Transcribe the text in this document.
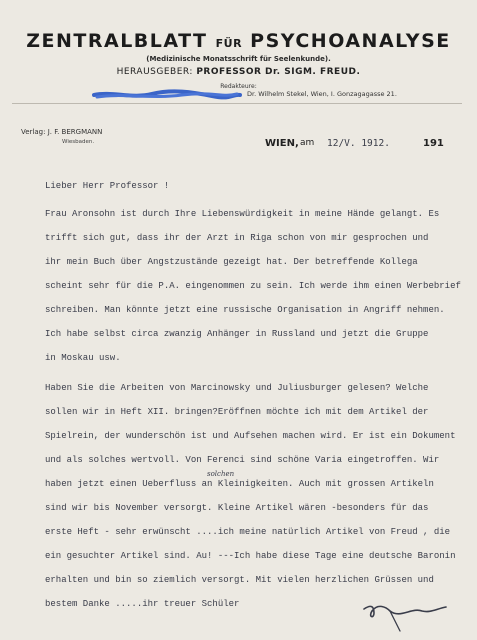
ZENTRALBLATT FÜR PSYCHOANALYSE
(Medizinische Monatsschrift für Seelenkunde).
HERAUSGEBER: PROFESSOR Dr. SIGM. FREUD.
Redakteure:
Dr. Wilhelm Stekel, Wien, I. Gonzagagasse 21.
Verlag: J. F. BERGMANN
Wiesbaden.	WIEN, am 12/V. 1912.	191
Lieber Herr Professor !
Frau Aronsohn ist durch Ihre Liebenswürdigkeit in meine Hände gelangt. Es
trifft sich gut, dass ihr der Arzt in Riga schon von mir gesprochen und
ihr mein Buch über Angstzustände gezeigt hat. Der betreffende Kollega
scheint sehr für die P.A. eingenommen zu sein. Ich werde ihm einen Werbebrief
schreiben. Man könnte jetzt eine russische Organisation in Angriff nehmen.
Ich habe selbst circa zwanzig Anhänger in Russland und jetzt die Gruppe
in Moskau usw.
Haben Sie die Arbeiten von Marcinowsky und Juliusburger gelesen? Welche
sollen wir in Heft XII. bringen?Eröffnen möchte ich mit dem Artikel der
Spielrein, der wunderschön ist und Aufsehen machen wird. Er ist ein Dokument
und als solches wertvoll. Von Ferenci sind schöne Varia eingetroffen. Wir
haben jetzt einen Ueberfluss an Kleinigkeiten. Auch mit grossen Artikeln
solchen
sind wir bis November versorgt. Kleine Artikel wären -besonders für das
erste Heft - sehr erwünscht ....ich meine natürlich Artikel von Freud , die
ein gesuchter Artikel sind. Au! ---Ich habe diese Tage eine deutsche Baronin
erhalten und bin so ziemlich versorgt. Mit vielen herzlichen Grüssen und
bestem Danke .....ihr treuer Schüler
